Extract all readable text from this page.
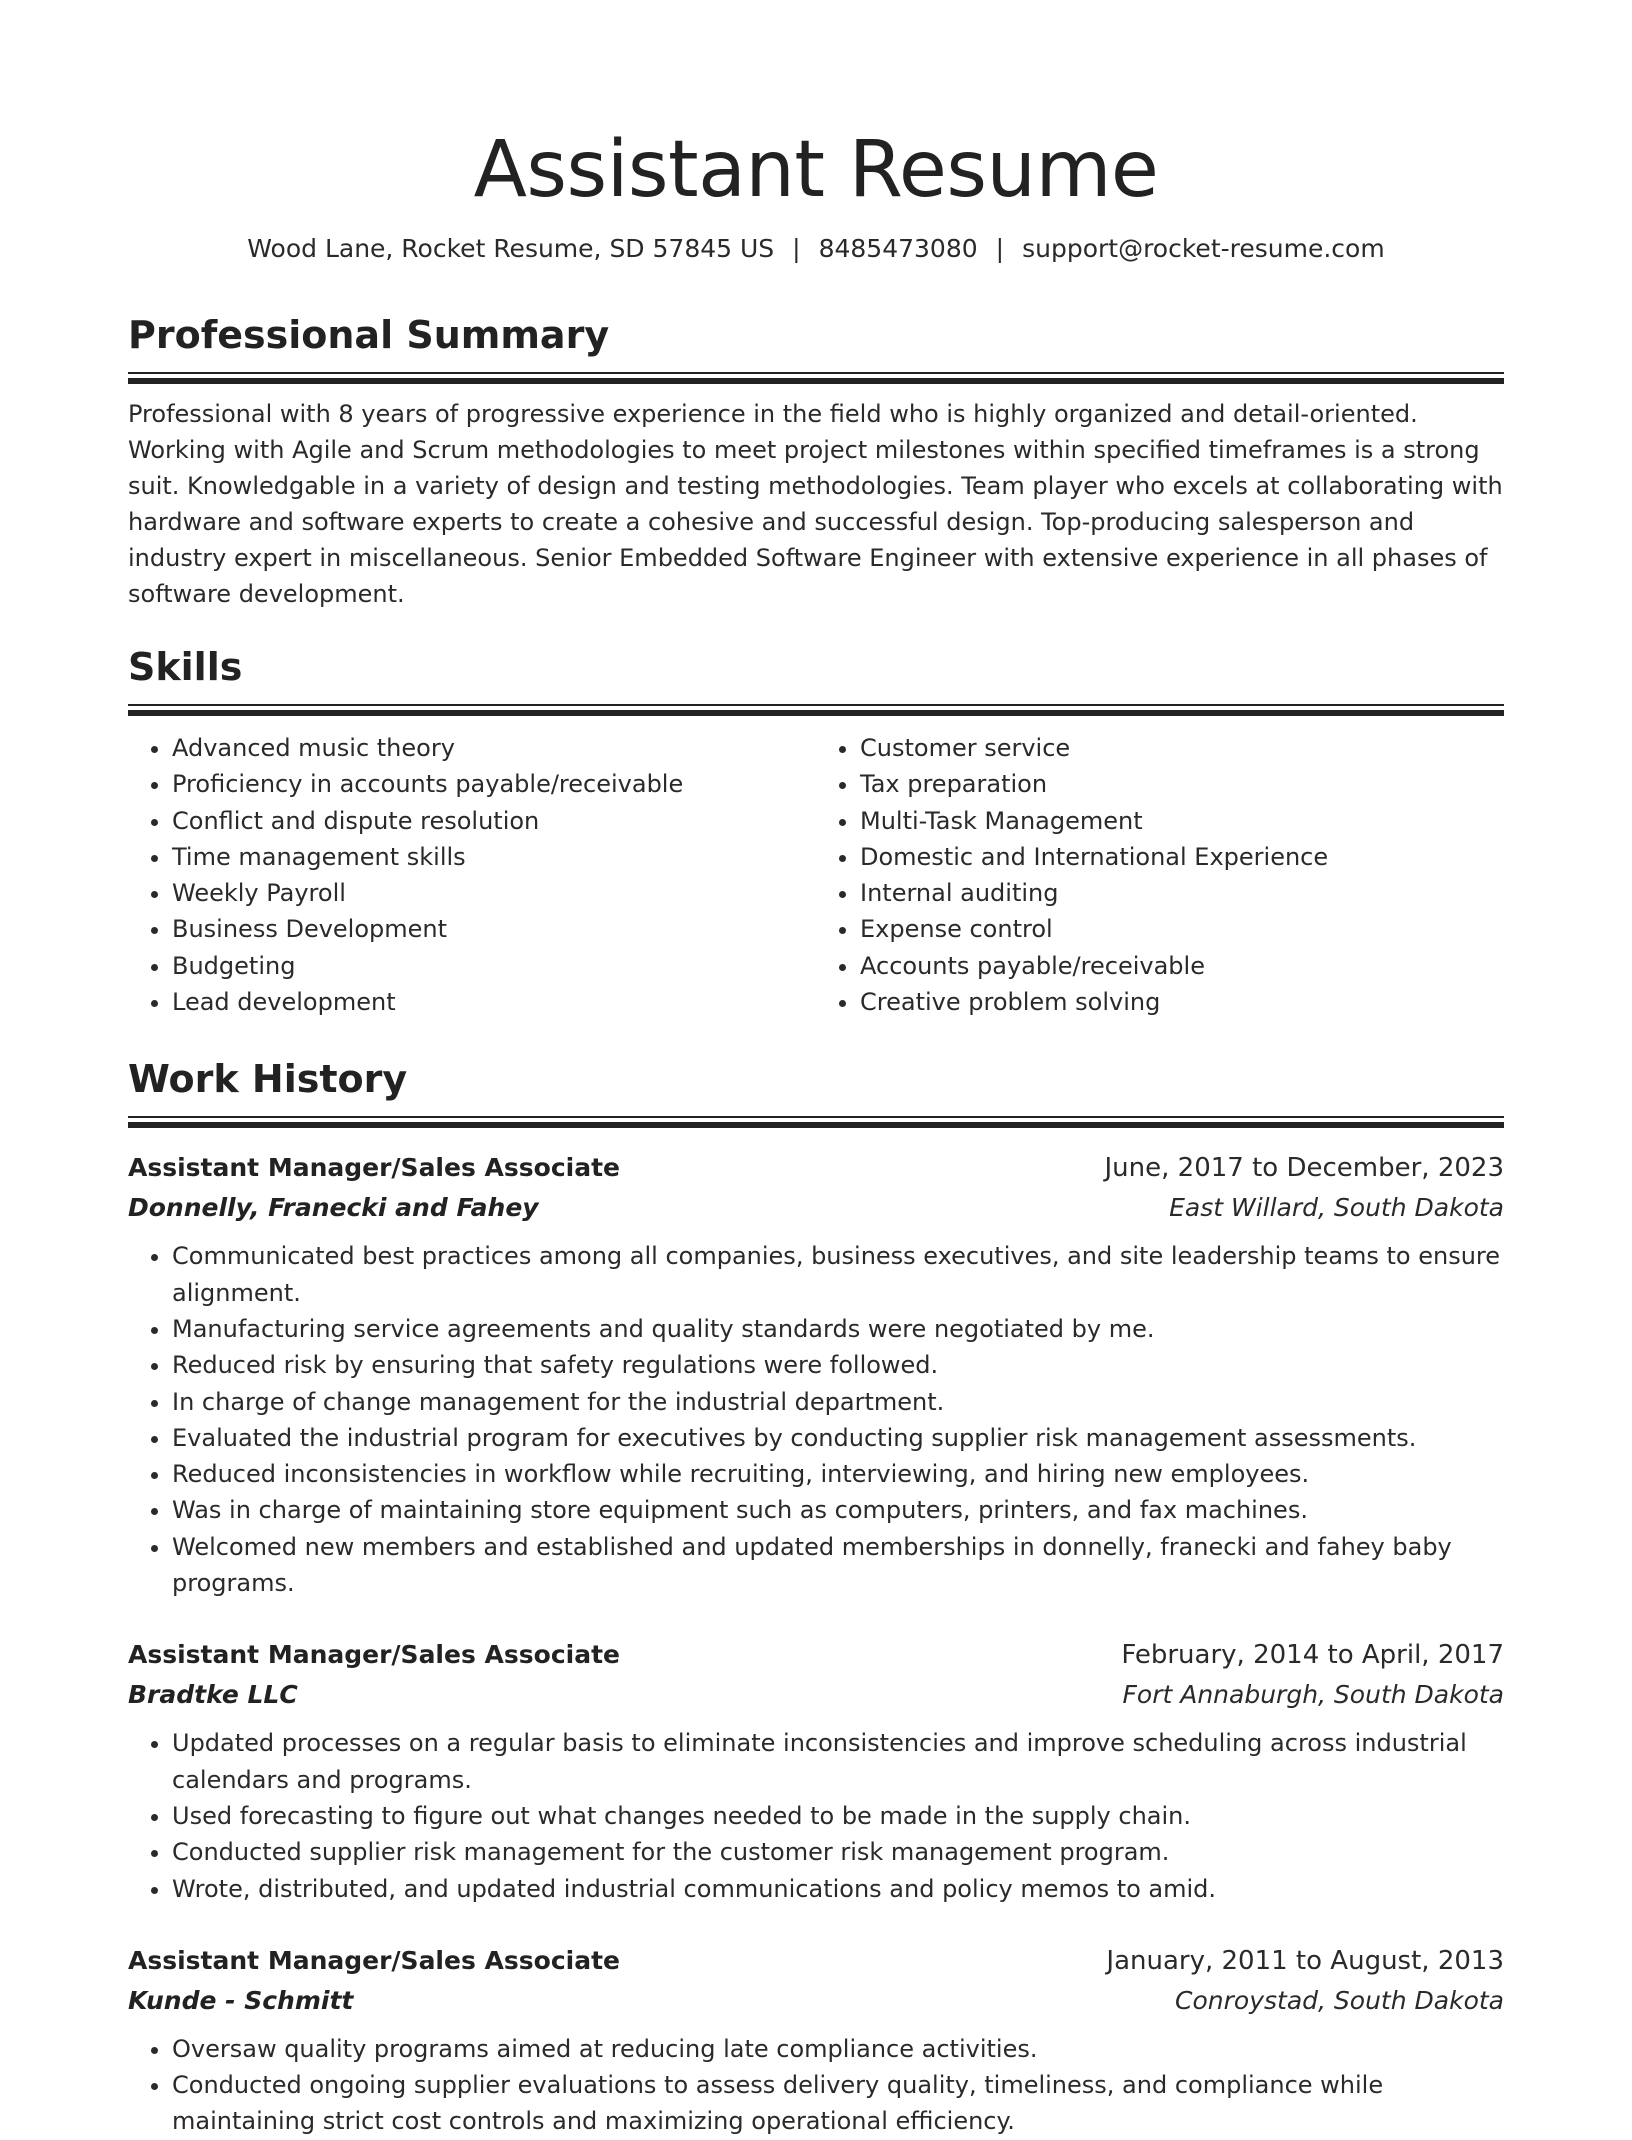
Assistant Resume
Wood Lane, Rocket Resume, SD 57845 US | 8485473080 | support@rocket-resume.com
Professional Summary

Professional with 8 years of progressive experience in the field who is highly organized and detail-oriented. Working with Agile and Scrum methodologies to meet project milestones within specified timeframes is a strong suit. Knowledgable in a variety of design and testing methodologies. Team player who excels at collaborating with hardware and software experts to create a cohesive and successful design. Top-producing salesperson and industry expert in miscellaneous. Senior Embedded Software Engineer with extensive experience in all phases of software development.

Skills
• Advanced music theory
• Proficiency in accounts payable/receivable
• Conflict and dispute resolution
• Time management skills
• Weekly Payroll
• Business Development
• Budgeting
• Lead development
• Customer service
• Tax preparation
• Multi-Task Management
• Domestic and International Experience
• Internal auditing
• Expense control
• Accounts payable/receivable
• Creative problem solving
Work History
Assistant Manager/Sales Associate	June, 2017 to December, 2023
Donnelly, Franecki and Fahey	East Willard, South Dakota
• Communicated best practices among all companies, business executives, and site leadership teams to ensure alignment.
• Manufacturing service agreements and quality standards were negotiated by me.
• Reduced risk by ensuring that safety regulations were followed.
• In charge of change management for the industrial department.
• Evaluated the industrial program for executives by conducting supplier risk management assessments.
• Reduced inconsistencies in workflow while recruiting, interviewing, and hiring new employees.
• Was in charge of maintaining store equipment such as computers, printers, and fax machines.
• Welcomed new members and established and updated memberships in donnelly, franecki and fahey baby programs.
Assistant Manager/Sales Associate	February, 2014 to April, 2017
Bradtke LLC	Fort Annaburgh, South Dakota
• Updated processes on a regular basis to eliminate inconsistencies and improve scheduling across industrial calendars and programs.
• Used forecasting to figure out what changes needed to be made in the supply chain.
• Conducted supplier risk management for the customer risk management program.
• Wrote, distributed, and updated industrial communications and policy memos to amid.
Assistant Manager/Sales Associate	January, 2011 to August, 2013
Kunde - Schmitt	Conroystad, South Dakota
• Oversaw quality programs aimed at reducing late compliance activities.
• Conducted ongoing supplier evaluations to assess delivery quality, timeliness, and compliance while maintaining strict cost controls and maximizing operational efficiency.
